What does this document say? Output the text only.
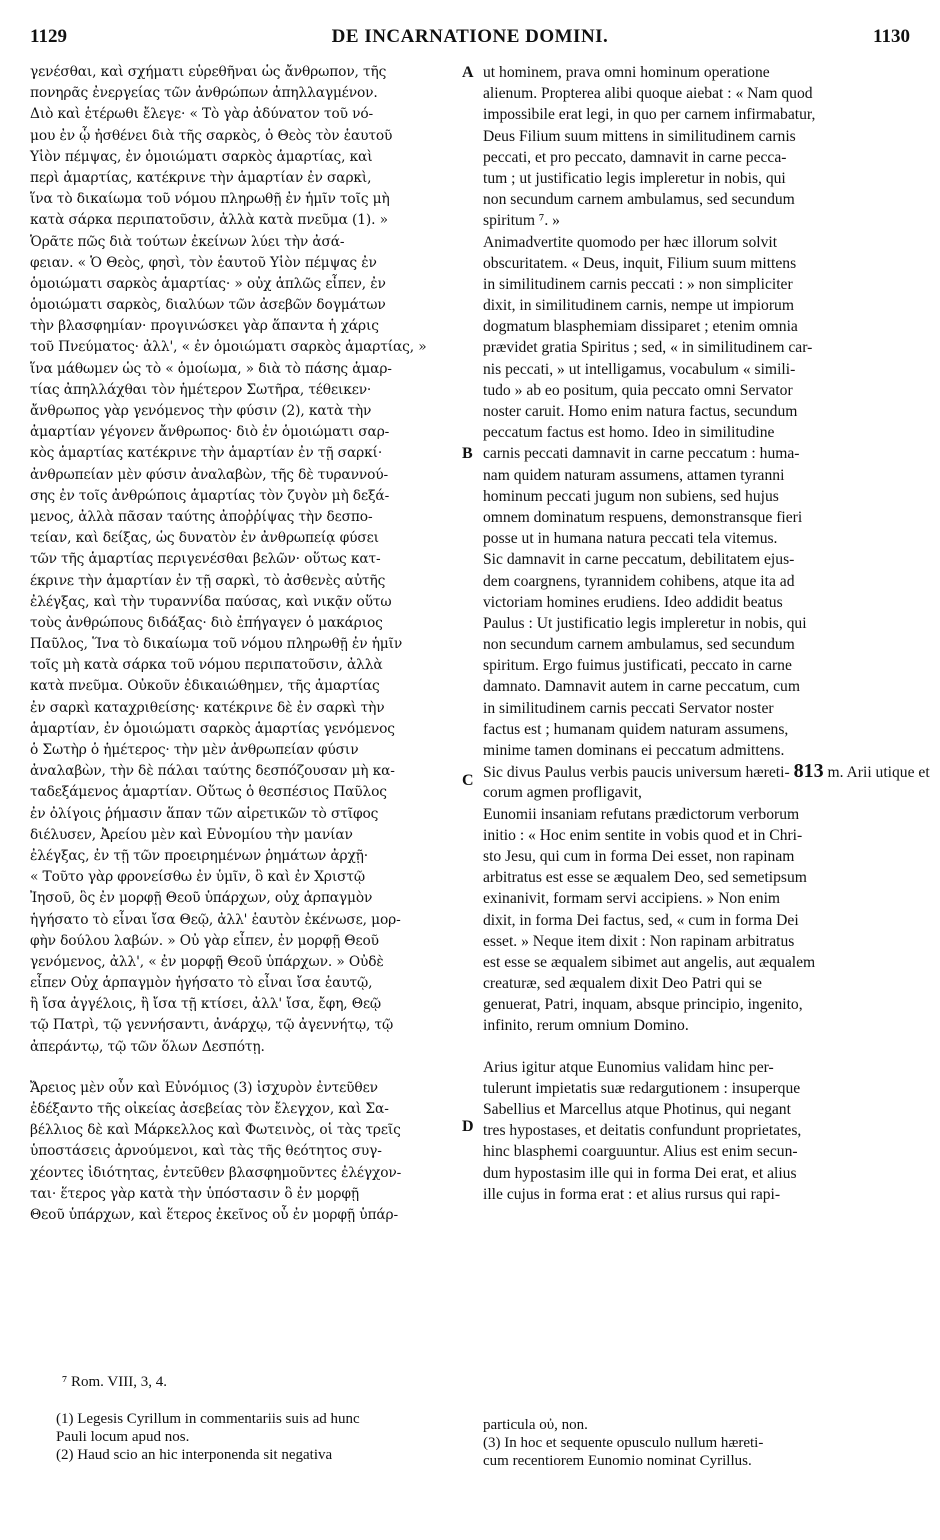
1129	DE INCARNATIONE DOMINI.	1130
γενέσθαι, καὶ σχήματι εὑρεθῆναι ὡς ἄνθρωπον, τῆς
πονηρᾶς ἐνεργείας τῶν ἀνθρώπων ἀπηλλαγμένον.
Διὸ καὶ ἑτέρωθι ἔλεγε· « Τὸ γὰρ ἀδύνατον τοῦ νό-
μου ἐν ᾧ ἠσθένει διὰ τῆς σαρκὸς, ὁ Θεὸς τὸν ἑαυτοῦ
Υἱὸν πέμψας, ἐν ὁμοιώματι σαρκὸς ἁμαρτίας, καὶ
περὶ ἁμαρτίας, κατέκρινε τὴν ἁμαρτίαν ἐν σαρκὶ,
ἵνα τὸ δικαίωμα τοῦ νόμου πληρωθῇ ἐν ἡμῖν τοῖς μὴ
κατὰ σάρκα περιπατοῦσιν, ἀλλὰ κατὰ πνεῦμα (1). »
Ὁρᾶτε πῶς διὰ τούτων ἐκείνων λύει τὴν ἀσά-
φειαν. « Ὁ Θεὸς, φησὶ, τὸν ἑαυτοῦ Υἱὸν πέμψας ἐν
ὁμοιώματι σαρκὸς ἁμαρτίας· » οὐχ ἁπλῶς εἶπεν, ἐν
ὁμοιώματι σαρκὸς, διαλύων τῶν ἀσεβῶν δογμάτων
τὴν βλασφημίαν· προγινώσκει γὰρ ἅπαντα ἡ χάρις
τοῦ Πνεύματος· ἀλλ', « ἐν ὁμοιώματι σαρκὸς ἁμαρτίας, »
ἵνα μάθωμεν ὡς τὸ « ὁμοίωμα, » διὰ τὸ πάσης ἁμαρ-
τίας ἀπηλλάχθαι τὸν ἡμέτερον Σωτῆρα, τέθεικεν·
ἄνθρωπος γὰρ γενόμενος τὴν φύσιν (2), κατὰ τὴν
ἁμαρτίαν γέγονεν ἄνθρωπος· διὸ ἐν ὁμοιώματι σαρ-
κὸς ἁμαρτίας κατέκρινε τὴν ἁμαρτίαν ἐν τῇ σαρκί·
ἀνθρωπείαν μὲν φύσιν ἀναλαβὼν, τῆς δὲ τυραννού-
σης ἐν τοῖς ἀνθρώποις ἁμαρτίας τὸν ζυγὸν μὴ δεξά-
μενος, ἀλλὰ πᾶσαν ταύτης ἀποῤῥίψας τὴν δεσπο-
τείαν, καὶ δείξας, ὡς δυνατὸν ἐν ἀνθρωπείᾳ φύσει
τῶν τῆς ἁμαρτίας περιγενέσθαι βελῶν· οὕτως κατ-
έκρινε τὴν ἁμαρτίαν ἐν τῇ σαρκὶ, τὸ ἀσθενὲς αὐτῆς
ἐλέγξας, καὶ τὴν τυραννίδα παύσας, καὶ νικᾷν οὕτω
τοὺς ἀνθρώπους διδάξας· διὸ ἐπήγαγεν ὁ μακάριος
Παῦλος, Ἵνα τὸ δικαίωμα τοῦ νόμου πληρωθῇ ἐν ἡμῖν
τοῖς μὴ κατὰ σάρκα τοῦ νόμου περιπατοῦσιν, ἀλλὰ
κατὰ πνεῦμα. Οὐκοῦν ἐδικαιώθημεν, τῆς ἁμαρτίας
ἐν σαρκὶ καταχριθείσης· κατέκρινε δὲ ἐν σαρκὶ τὴν
ἁμαρτίαν, ἐν ὁμοιώματι σαρκὸς ἁμαρτίας γενόμενος
ὁ Σωτὴρ ὁ ἡμέτερος· τὴν μὲν ἀνθρωπείαν φύσιν
ἀναλαβὼν, τὴν δὲ πάλαι ταύτης δεσπόζουσαν μὴ κα-
ταδεξάμενος ἁμαρτίαν. Οὕτως ὁ θεσπέσιος Παῦλος
ἐν ὀλίγοις ῥήμασιν ἅπαν τῶν αἱρετικῶν τὸ στῖφος
διέλυσεν, Ἀρείου μὲν καὶ Εὐνομίου τὴν μανίαν
ἐλέγξας, ἐν τῇ τῶν προειρημένων ῥημάτων ἀρχῇ·
« Τοῦτο γὰρ φρονείσθω ἐν ὑμῖν, ὃ καὶ ἐν Χριστῷ
Ἰησοῦ, ὃς ἐν μορφῇ Θεοῦ ὑπάρχων, οὐχ ἁρπαγμὸν
ἡγήσατο τὸ εἶναι ἴσα Θεῷ, ἀλλ' ἑαυτὸν ἐκένωσε, μορ-
φὴν δούλου λαβών. » Οὐ γὰρ εἶπεν, ἐν μορφῇ Θεοῦ
γενόμενος, ἀλλ', « ἐν μορφῇ Θεοῦ ὑπάρχων. » Οὐδὲ
εἶπεν Οὐχ ἁρπαγμὸν ἡγήσατο τὸ εἶναι ἴσα ἑαυτῷ,
ἢ ἴσα ἀγγέλοις, ἢ ἴσα τῇ κτίσει, ἀλλ' ἴσα, ἔφη, Θεῷ
τῷ Πατρὶ, τῷ γεννήσαντι, ἀνάρχῳ, τῷ ἀγεννήτῳ, τῷ
ἀπεράντῳ, τῷ τῶν ὅλων Δεσπότῃ.
Ἄρειος μὲν οὖν καὶ Εὐνόμιος (3) ἰσχυρὸν ἐντεῦθεν
ἐδέξαντο τῆς οἰκείας ἀσεβείας τὸν ἔλεγχον, καὶ Σα-
βέλλιος δὲ καὶ Μάρκελλος καὶ Φωτεινὸς, οἱ τὰς τρεῖς
ὑποστάσεις ἀρνούμενοι, καὶ τὰς τῆς θεότητος συγ-
χέοντες ἰδιότητας, ἐντεῦθεν βλασφημοῦντες ἐλέγχον-
ται· ἕτερος γὰρ κατὰ τὴν ὑπόστασιν ὃ ἐν μορφῇ
Θεοῦ ὑπάρχων, καὶ ἕτερος ἐκεῖνος οὗ ἐν μορφῇ ὑπάρ-
ut hominem, prava omni hominum operatione
alienum. Propterea alibi quoque aiebat : « Nam quod
impossibile erat legi, in quo per carnem infirmabatur,
Deus Filium suum mittens in similitudinem carnis
peccati, et pro peccato, damnavit in carne pecca-
tum ; ut justificatio legis impleretur in nobis, qui
non secundum carnem ambulamus, sed secundum
spiritum ⁷. »
Animadvertite quomodo per hæc illorum solvit
obscuritatem. « Deus, inquit, Filium suum mittens
in similitudinem carnis peccati : » non simpliciter
dixit, in similitudinem carnis, nempe ut impiorum
dogmatum blasphemiam dissiparet ; etenim omnia
prævidet gratia Spiritus ; sed, « in similitudinem car-
nis peccati, » ut intelligamus, vocabulum « simili-
tudo » ab eo positum, quia peccato omni Servator
noster caruit. Homo enim natura factus, secundum
peccatum factus est homo. Ideo in similitudine
carnis peccati damnavit in carne peccatum : huma-
nam quidem naturam assumens, attamen tyranni
hominum peccati jugum non subiens, sed hujus
omnem dominatum respuens, demonstransque fieri
posse ut in humana natura peccati tela vitemus.
Sic damnavit in carne peccatum, debilitatem ejus-
dem coargnens, tyrannidem cohibens, atque ita ad
victoriam homines erudiens. Ideo addidit beatus
Paulus : Ut justificatio legis impleretur in nobis, qui
non secundum carnem ambulamus, sed secundum
spiritum. Ergo fuimus justificati, peccato in carne
damnato. Damnavit autem in carne peccatum, cum
in similitudinem carnis peccati Servator noster
factus est ; humanam quidem naturam assumens,
minime tamen dominans ei peccatum admittens.
Sic divus Paulus verbis paucis universum hæreti- 813 m. Arii utique et
corum agmen profligavit,
Eunomii insaniam refutans prædictorum verborum
initio : « Hoc enim sentite in vobis quod et in Chri-
sto Jesu, qui cum in forma Dei esset, non rapinam
arbitratus est esse se æqualem Deo, sed semetipsum
exinanivit, formam servi accipiens. » Non enim
dixit, in forma Dei factus, sed, « cum in forma Dei
esset. » Neque item dixit : Non rapinam arbitratus
est esse se æqualem sibimet aut angelis, aut æqualem
creaturæ, sed æqualem dixit Deo Patri qui se
genuerat, Patri, inquam, absque principio, ingenito,
infinito, rerum omnium Domino.
Arius igitur atque Eunomius validam hinc per-
tulerunt impietatis suæ redargutionem : insuperque
Sabellius et Marcellus atque Photinus, qui negant
tres hypostases, et deitatis confundunt proprietates,
hinc blasphemi coarguuntur. Alius est enim secun-
dum hypostasim ille qui in forma Dei erat, et alius
ille cujus in forma erat : et alius rursus qui rapi-
A
B
C
D
⁷ Rom. VIII, 3, 4.
(1) Legesis Cyrillum in commentariis suis ad hunc
Pauli locum apud nos.
(2) Haud scio an hic interponenda sit negativa
particula οὐ, non.
(3) In hoc et sequente opusculo nullum hæreti-
cum recentiorem Eunomio nominat Cyrillus.
